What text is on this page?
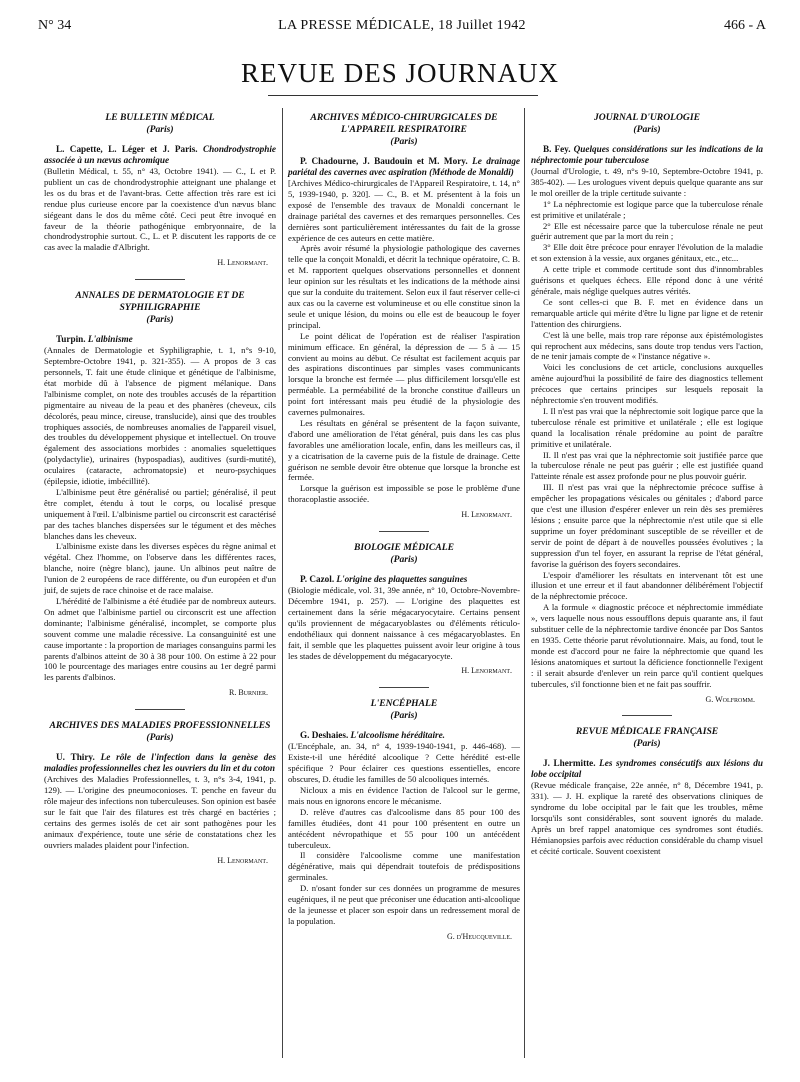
N° 34	LA PRESSE MÉDICALE, 18 Juillet 1942	466 - A
REVUE DES JOURNAUX
LE BULLETIN MÉDICAL
(Paris)

L. Capette, L. Léger et J. Paris. Chondrodystrophie associée à un nævus achromique

(Bulletin Médical, t. 55, n° 43, Octobre 1941). — C., L et P. publient un cas de chondrodystrophie atteignant une phalange et les os du bras et de l'avant-bras. Cette affection très rare est ici rendue plus curieuse encore par la coexistence d'un nævus blanc siégeant dans le dos du même côté. Ceci peut être invoqué en faveur de la théorie pathogénique embryonnaire, de la chondrodystrophie surtout. C., L. et P. discutent les rapports de ce cas avec la maladie d'Albright.

H. Lenormant.
ANNALES DE DERMATOLOGIE ET DE SYPHILIGRAPHIE
(Paris)

Turpin. L'albinisme

(Annales de Dermatologie et Syphiligraphie, t. 1, n°s 9-10, Septembre-Octobre 1941, p. 321-355). — A propos de 3 cas personnels, T. fait une étude clinique et génétique de l'albinisme, état morbide dû à l'absence de pigment mélanique. Dans l'albinisme complet, on note des troubles accusés de la répartition pigmentaire au niveau de la peau et des phanères (cheveux, cils décolorés, peau mince, cireuse, translucide), ainsi que des troubles trophiques associés, de nombreuses anomalies de l'appareil visuel, des troubles du développement physique et intellectuel. On trouve également des associations morbides : anomalies squelettiques (polydactylie), urinaires (hypospadias), auditives (surdi-mutité), oculaires (cataracte, achromatopsie) et neuro-psychiques (épilepsie, idiotie, imbécillité).

L'albinisme peut être généralisé ou partiel; généralisé, il peut être complet, étendu à tout le corps, ou localisé presque uniquement à l'œil. L'albinisme partiel ou circonscrit est caractérisé par des taches blanches dispersées sur le tégument et des mèches blanches dans les cheveux.

L'albinisme existe dans les diverses espèces du règne animal et végétal. Chez l'homme, on l'observe dans les différentes races, blanche, noire (nègre blanc), jaune. Un albinos peut naître de l'union de 2 européens de race différente, ou d'un européen et d'un juif, de sujets de race chinoise et de race malaise.

L'hérédité de l'albinisme a été étudiée par de nombreux auteurs. On admet que l'albinisme partiel ou circonscrit est une affection dominante; l'albinisme généralisé, incomplet, se comporte plus souvent comme une maladie récessive. La consanguinité est une cause importante : la proportion de mariages consanguins parmi les parents d'albinos atteint de 30 à 38 pour 100. On estime à 22 pour 100 le pourcentage des mariages entre cousins au 1er degré parmi les parents d'albinos.

R. Burnier.
ARCHIVES DES MALADIES PROFESSIONNELLES
(Paris)

U. Thiry. Le rôle de l'infection dans la genèse des maladies professionnelles chez les ouvriers du lin et du coton

(Archives des Maladies Professionnelles, t. 3, n°s 3-4, 1941, p. 129). — L'origine des pneumoconioses. T. penche en faveur du rôle majeur des infections non tuberculeuses. Son opinion est basée sur le fait que l'air des filatures est très chargé en bactéries ; certains des germes isolés de cet air sont pathogènes pour les animaux d'expérience, toute une série de constatations chez les ouvriers malades plaident pour l'infection.

H. Lenormant.
ARCHIVES MÉDICO-CHIRURGICALES DE L'APPAREIL RESPIRATOIRE
(Paris)

P. Chadourne, J. Baudouin et M. Mory. Le drainage pariétal des cavernes avec aspiration (Méthode de Monaldi)

[Archives Médico-chirurgicales de l'Appareil Respiratoire, t. 14, n° 5, 1939-1940, p. 320]. — C., B. et M. présentent à la fois un exposé de l'ensemble des travaux de Monaldi concernant le drainage pariétal des cavernes et des remarques personnelles. Ces dernières sont particulièrement intéressantes du fait de la grosse expérience de ces auteurs en cette matière.

Après avoir résumé la physiologie pathologique des cavernes telle que la conçoit Monaldi, et décrit la technique opératoire, C. B. et M. rapportent quelques observations personnelles et donnent leur opinion sur les résultats et les indications de la méthode ainsi que sur la conduite du traitement. Selon eux il faut réserver celle-ci aux cas ou la caverne est volumineuse et ou elle constitue sinon la seule et unique lésion, du moins ou elle est de beaucoup le foyer principal.

Le point délicat de l'opération est de réaliser l'aspiration minimum efficace. En général, la dépression de — 5 à — 15 convient au moins au début. Ce résultat est facilement acquis par des aspirations discontinues par simples vases communicants lorsque la bronche est fermée — plus difficilement lorsqu'elle est perméable. La perméabilité de la bronche constitue d'ailleurs un point fort intéressant mais peu étudié de la physiologie des cavernes pulmonaires.

Les résultats en général se présentent de la façon suivante, d'abord une amélioration de l'état général, puis dans les cas plus favorables une amélioration locale, enfin, dans les meilleurs cas, il y a cicatrisation de la caverne puis de la fistule de drainage. Cette guérison ne semble devoir être obtenue que lorsque la bronche est fermée.

Lorsque la guérison est impossible se pose le problème d'une thoracoplastie associée.

H. Lenormant.
BIOLOGIE MÉDICALE
(Paris)

P. Cazol. L'origine des plaquettes sanguines

(Biologie médicale, vol. 31, 39e année, n° 10, Octobre-Novembre-Décembre 1941, p. 257). — L'origine des plaquettes est certainement dans la série mégacaryocytaire. Certains pensent qu'ils proviennent de mégacaryoblastes ou d'éléments réticulo-endothéliaux qui donnent naissance à ces mégacaryoblastes. En fait, il semble que les plaquettes puissent avoir leur origine à tous les stades de développement du mégacaryocyte.

H. Lenormant.
L'ENCÉPHALE
(Paris)

G. Deshaies. L'alcoolisme héréditaire.

(L'Encéphale, an. 34, n° 4, 1939-1940-1941, p. 446-468). — Existe-t-il une hérédité alcoolique ? Cette hérédité est-elle spécifique ? Pour éclairer ces questions essentielles, encore obscures, D. étudie les familles de 50 alcooliques internés.

Nicloux a mis en évidence l'action de l'alcool sur le germe, mais nous en ignorons encore le mécanisme.

D. relève d'autres cas d'alcoolisme dans 85 pour 100 des familles étudiées, dont 41 pour 100 présentent en outre un antécédent névropathique et 55 pour 100 un antécédent tuberculeux.

Il considère l'alcoolisme comme une manifestation dégénérative, mais qui dépendrait toutefois de prédispositions germinales.

D. n'osant fonder sur ces données un programme de mesures eugéniques, il ne peut que préconiser une éducation anti-alcoolique de la jeunesse et placer son espoir dans un redressement moral de la population.

G. d'Heucqueville.
JOURNAL D'UROLOGIE
(Paris)

B. Fey. Quelques considérations sur les indications de la néphrectomie pour tuberculose

(Journal d'Urologie, t. 49, n°s 9-10, Septembre-Octobre 1941, p. 385-402). — Les urologues vivent depuis quelque quarante ans sur le mol oreiller de la triple certitude suivante :

1° La néphrectomie est logique parce que la tuberculose rénale est primitive et unilatérale ;

2° Elle est nécessaire parce que la tuberculose rénale ne peut guérir autrement que par la mort du rein ;

3° Elle doit être précoce pour enrayer l'évolution de la maladie et son extension à la vessie, aux organes génitaux, etc., etc...

A cette triple et commode certitude sont dus d'innombrables guérisons et quelques échecs. Elle répond donc à une vérité générale, mais néglige quelques autres vérités.

Ce sont celles-ci que B. F. met en évidence dans un remarquable article qui mérite d'être lu ligne par ligne et de retenir l'attention des chirurgiens.

C'est là une belle, mais trop rare réponse aux épistémologistes qui reprochent aux médecins, sans doute trop tendus vers l'action, de ne tenir jamais compte de « l'instance négative ».

Voici les conclusions de cet article, conclusions auxquelles amène aujourd'hui la possibilité de faire des diagnostics tellement précoces que certains principes sur lesquels reposait la néphrectomie s'en trouvent modifiés.

I. Il n'est pas vrai que la néphrectomie soit logique parce que la tuberculose rénale est primitive et unilatérale ; elle est logique quand la localisation rénale prédomine au point de paraître primitive et unilatérale.

II. Il n'est pas vrai que la néphrectomie soit justifiée parce que la tuberculose rénale ne peut pas guérir ; elle est justifiée quand l'atteinte rénale est assez profonde pour ne plus pouvoir guérir.

III. Il n'est pas vrai que la néphrectomie précoce suffise à empêcher les propagations vésicales ou génitales ; d'abord parce que c'est une illusion d'espérer enlever un rein dès ses premières lésions ; ensuite parce que la néphrectomie n'est utile que si elle supprime un foyer prédominant susceptible de se réveiller et de servir de point de départ à de nouvelles poussées évolutives ; la suppression d'un tel foyer, en assurant la reprise de l'état général, favorise la guérison des foyers secondaires.

L'espoir d'améliorer les résultats en intervenant tôt est une illusion et une erreur et il faut abandonner délibérément l'objectif de la néphrectomie précoce.

A la formule « diagnostic précoce et néphrectomie immédiate », vers laquelle nous nous essoufflons depuis quarante ans, il faut substituer celle de la néphrectomie tardive énoncée par Dos Santos en 1935. Cette théorie parut révolutionnaire. Mais, au fond, tout le monde est d'accord pour ne faire la néphrectomie que quand les lésions anatomiques et surtout la déficience fonctionnelle l'exigent : il serait absurde d'enlever un rein parce qu'il contient quelques tubercules, s'il fonctionne bien et ne fait pas souffrir.

G. Wolfromm.
REVUE MÉDICALE FRANÇAISE
(Paris)

J. Lhermitte. Les syndromes consécutifs aux lésions du lobe occipital

(Revue médicale française, 22e année, n° 8, Décembre 1941, p. 331). — J. H. explique la rareté des observations cliniques de syndrome du lobe occipital par le fait que les troubles, même lorsqu'ils sont considérables, sont souvent ignorés du malade. Après un bref rappel anatomique ces syndromes sont étudiés. Hémianopsies parfois avec réduction considérable du champ visuel et cécité corticale. Souvent coexistent
